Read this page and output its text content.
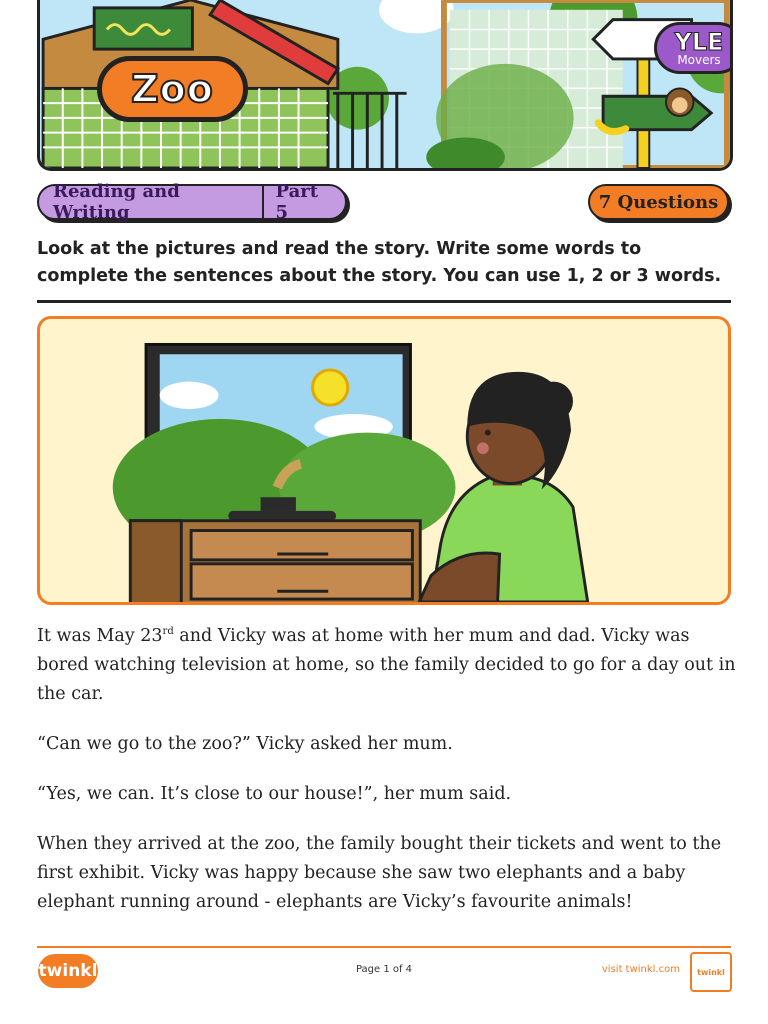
Zoo
YLE
Movers
Reading and Writing
Part 5	7 Questions
Look at the pictures and read the story. Write some words to complete the sentences about the story. You can use 1, 2 or 3 words.

It was May 23rd and Vicky was at home with her mum and dad. Vicky was bored watching television at home, so the family decided to go for a day out in the car.

“Can we go to the zoo?” Vicky asked her mum.

“Yes, we can. It’s close to our house!”, her mum said.

When they arrived at the zoo, the family bought their tickets and went to the first exhibit. Vicky was happy because she saw two elephants and a baby elephant running around - elephants are Vicky’s favourite animals!

twinkl	Page 1 of 4	visit twinkl.com twinkl
